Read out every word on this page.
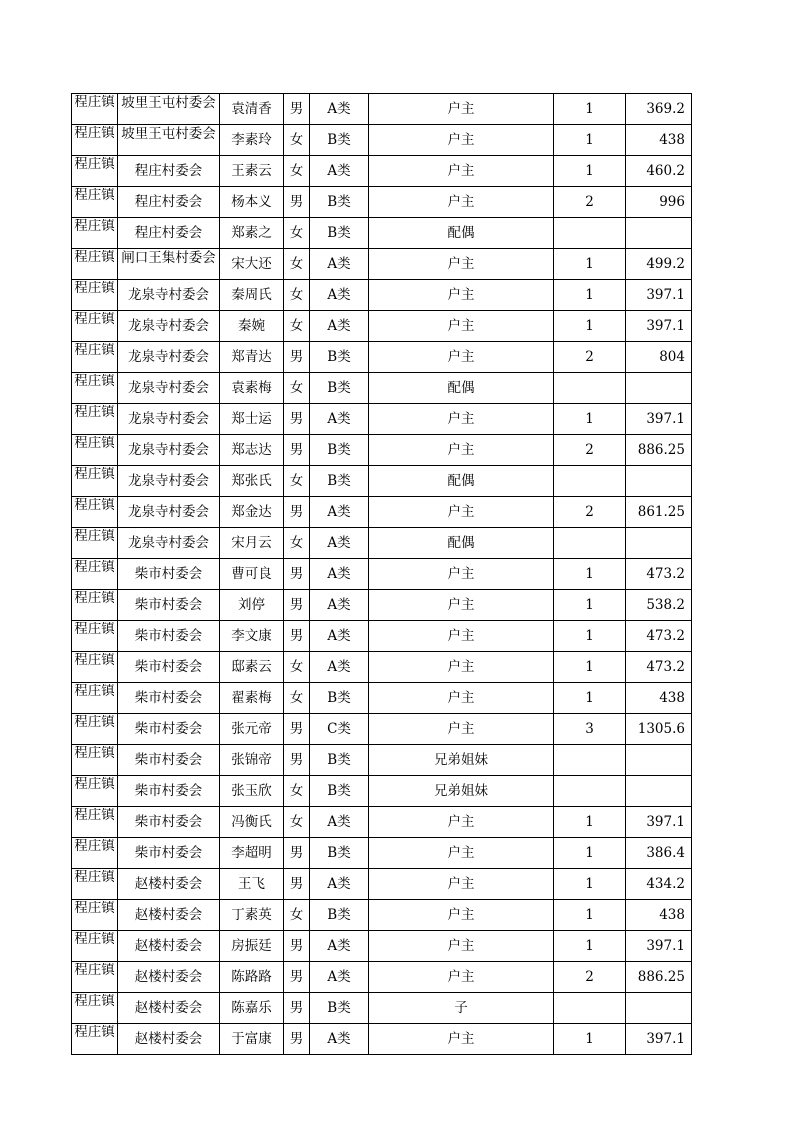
程庄镇	坡里王屯村委会	袁清香	男	A类	户主	1	369.2

程庄镇	坡里王屯村委会	李素玲	女	B类	户主	1	438

程庄镇	程庄村委会	王素云	女	A类	户主	1	460.2

程庄镇	程庄村委会	杨本义	男	B类	户主	2	996

程庄镇	程庄村委会	郑素之	女	B类	配偶		

程庄镇	闸口王集村委会	宋大还	女	A类	户主	1	499.2

程庄镇	龙泉寺村委会	秦周氏	女	A类	户主	1	397.1

程庄镇	龙泉寺村委会	秦婉	女	A类	户主	1	397.1

程庄镇	龙泉寺村委会	郑青达	男	B类	户主	2	804

程庄镇	龙泉寺村委会	袁素梅	女	B类	配偶		

程庄镇	龙泉寺村委会	郑士运	男	A类	户主	1	397.1

程庄镇	龙泉寺村委会	郑志达	男	B类	户主	2	886.25

程庄镇	龙泉寺村委会	郑张氏	女	B类	配偶		

程庄镇	龙泉寺村委会	郑金达	男	A类	户主	2	861.25

程庄镇	龙泉寺村委会	宋月云	女	A类	配偶		

程庄镇	柴市村委会	曹可良	男	A类	户主	1	473.2

程庄镇	柴市村委会	刘停	男	A类	户主	1	538.2

程庄镇	柴市村委会	李文康	男	A类	户主	1	473.2

程庄镇	柴市村委会	邸素云	女	A类	户主	1	473.2

程庄镇	柴市村委会	翟素梅	女	B类	户主	1	438

程庄镇	柴市村委会	张元帝	男	C类	户主	3	1305.6

程庄镇	柴市村委会	张锦帝	男	B类	兄弟姐妹		

程庄镇	柴市村委会	张玉欣	女	B类	兄弟姐妹		

程庄镇	柴市村委会	冯衡氏	女	A类	户主	1	397.1

程庄镇	柴市村委会	李超明	男	B类	户主	1	386.4

程庄镇	赵楼村委会	王飞	男	A类	户主	1	434.2

程庄镇	赵楼村委会	丁素英	女	B类	户主	1	438

程庄镇	赵楼村委会	房振廷	男	A类	户主	1	397.1

程庄镇	赵楼村委会	陈路路	男	A类	户主	2	886.25

程庄镇	赵楼村委会	陈嘉乐	男	B类	子		

程庄镇	赵楼村委会	于富康	男	A类	户主	1	397.1
